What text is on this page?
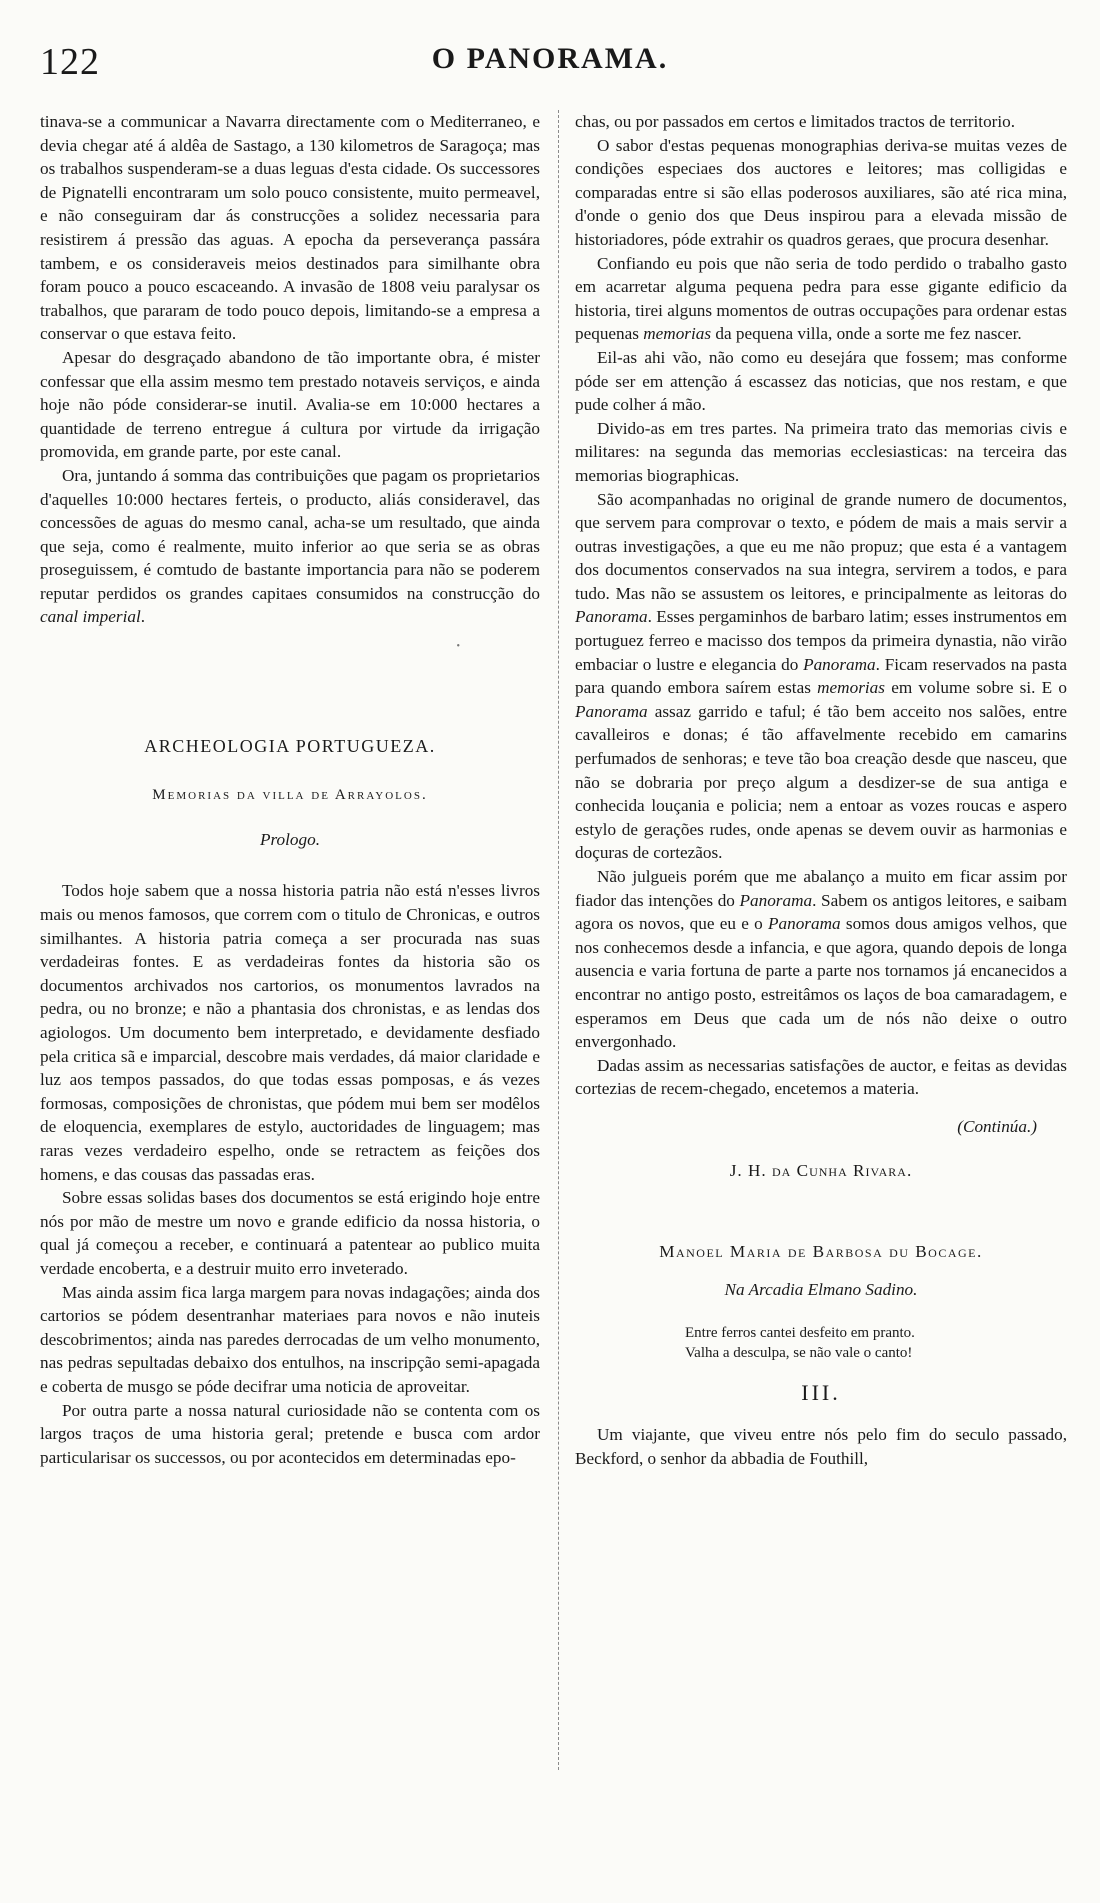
122	O PANORAMA.

tinava-se a communicar a Navarra directamente com o Mediterraneo, e devia chegar até á aldêa de Sastago, a 130 kilometros de Saragoça; mas os trabalhos suspenderam-se a duas leguas d'esta cidade. Os successores de Pignatelli encontraram um solo pouco consistente, muito permeavel, e não conseguiram dar ás construcções a solidez necessaria para resistirem á pressão das aguas. A epocha da perseverança passára tambem, e os consideraveis meios destinados para similhante obra foram pouco a pouco escaceando. A invasão de 1808 veiu paralysar os trabalhos, que pararam de todo pouco depois, limitando-se a empresa a conservar o que estava feito.

Apesar do desgraçado abandono de tão importante obra, é mister confessar que ella assim mesmo tem prestado notaveis serviços, e ainda hoje não póde considerar-se inutil. Avalia-se em 10:000 hectares a quantidade de terreno entregue á cultura por virtude da irrigação promovida, em grande parte, por este canal.

Ora, juntando á somma das contribuições que pagam os proprietarios d'aquelles 10:000 hectares ferteis, o producto, aliás consideravel, das concessões de aguas do mesmo canal, acha-se um resultado, que ainda que seja, como é realmente, muito inferior ao que seria se as obras proseguissem, é comtudo de bastante importancia para não se poderem reputar perdidos os grandes capitaes consumidos na construcção do canal imperial.

•
ARCHEOLOGIA PORTUGUEZA.
Memorias da villa de Arrayolos.
Prologo.

Todos hoje sabem que a nossa historia patria não está n'esses livros mais ou menos famosos, que correm com o titulo de Chronicas, e outros similhantes. A historia patria começa a ser procurada nas suas verdadeiras fontes. E as verdadeiras fontes da historia são os documentos archivados nos cartorios, os monumentos lavrados na pedra, ou no bronze; e não a phantasia dos chronistas, e as lendas dos agiologos. Um documento bem interpretado, e devidamente desfiado pela critica sã e imparcial, descobre mais verdades, dá maior claridade e luz aos tempos passados, do que todas essas pomposas, e ás vezes formosas, composições de chronistas, que pódem mui bem ser modêlos de eloquencia, exemplares de estylo, auctoridades de linguagem; mas raras vezes verdadeiro espelho, onde se retractem as feições dos homens, e das cousas das passadas eras.

Sobre essas solidas bases dos documentos se está erigindo hoje entre nós por mão de mestre um novo e grande edificio da nossa historia, o qual já começou a receber, e continuará a patentear ao publico muita verdade encoberta, e a destruir muito erro inveterado.

Mas ainda assim fica larga margem para novas indagações; ainda dos cartorios se pódem desentranhar materiaes para novos e não inuteis descobrimentos; ainda nas paredes derrocadas de um velho monumento, nas pedras sepultadas debaixo dos entulhos, na inscripção semi-apagada e coberta de musgo se póde decifrar uma noticia de aproveitar.

Por outra parte a nossa natural curiosidade não se contenta com os largos traços de uma historia geral; pretende e busca com ardor particularisar os successos, ou por acontecidos em determinadas epo-

chas, ou por passados em certos e limitados tractos de territorio.

O sabor d'estas pequenas monographias deriva-se muitas vezes de condições especiaes dos auctores e leitores; mas colligidas e comparadas entre si são ellas poderosos auxiliares, são até rica mina, d'onde o genio dos que Deus inspirou para a elevada missão de historiadores, póde extrahir os quadros geraes, que procura desenhar.

Confiando eu pois que não seria de todo perdido o trabalho gasto em acarretar alguma pequena pedra para esse gigante edificio da historia, tirei alguns momentos de outras occupações para ordenar estas pequenas memorias da pequena villa, onde a sorte me fez nascer.

Eil-as ahi vão, não como eu desejára que fossem; mas conforme póde ser em attenção á escassez das noticias, que nos restam, e que pude colher á mão.

Divido-as em tres partes. Na primeira trato das memorias civis e militares: na segunda das memorias ecclesiasticas: na terceira das memorias biographicas.

São acompanhadas no original de grande numero de documentos, que servem para comprovar o texto, e pódem de mais a mais servir a outras investigações, a que eu me não propuz; que esta é a vantagem dos documentos conservados na sua integra, servirem a todos, e para tudo. Mas não se assustem os leitores, e principalmente as leitoras do Panorama. Esses pergaminhos de barbaro latim; esses instrumentos em portuguez ferreo e macisso dos tempos da primeira dynastia, não virão embaciar o lustre e elegancia do Panorama. Ficam reservados na pasta para quando embora saírem estas memorias em volume sobre si. E o Panorama assaz garrido e taful; é tão bem acceito nos salões, entre cavalleiros e donas; é tão affavelmente recebido em camarins perfumados de senhoras; e teve tão boa creação desde que nasceu, que não se dobraria por preço algum a desdizer-se de sua antiga e conhecida louçania e policia; nem a entoar as vozes roucas e aspero estylo de gerações rudes, onde apenas se devem ouvir as harmonias e doçuras de cortezãos.

Não julgueis porém que me abalanço a muito em ficar assim por fiador das intenções do Panorama. Sabem os antigos leitores, e saibam agora os novos, que eu e o Panorama somos dous amigos velhos, que nos conhecemos desde a infancia, e que agora, quando depois de longa ausencia e varia fortuna de parte a parte nos tornamos já encanecidos a encontrar no antigo posto, estreitâmos os laços de boa camaradagem, e esperamos em Deus que cada um de nós não deixe o outro envergonhado.

Dadas assim as necessarias satisfações de auctor, e feitas as devidas cortezias de recem-chegado, encetemos a materia.

(Continúa.)
J. H. da Cunha Rivara.
Manoel Maria de Barbosa du Bocage.
Na Arcadia Elmano Sadino.
Entre ferros cantei desfeito em pranto.
Valha a desculpa, se não vale o canto!
III.

Um viajante, que viveu entre nós pelo fim do seculo passado, Beckford, o senhor da abbadia de Fouthill,
